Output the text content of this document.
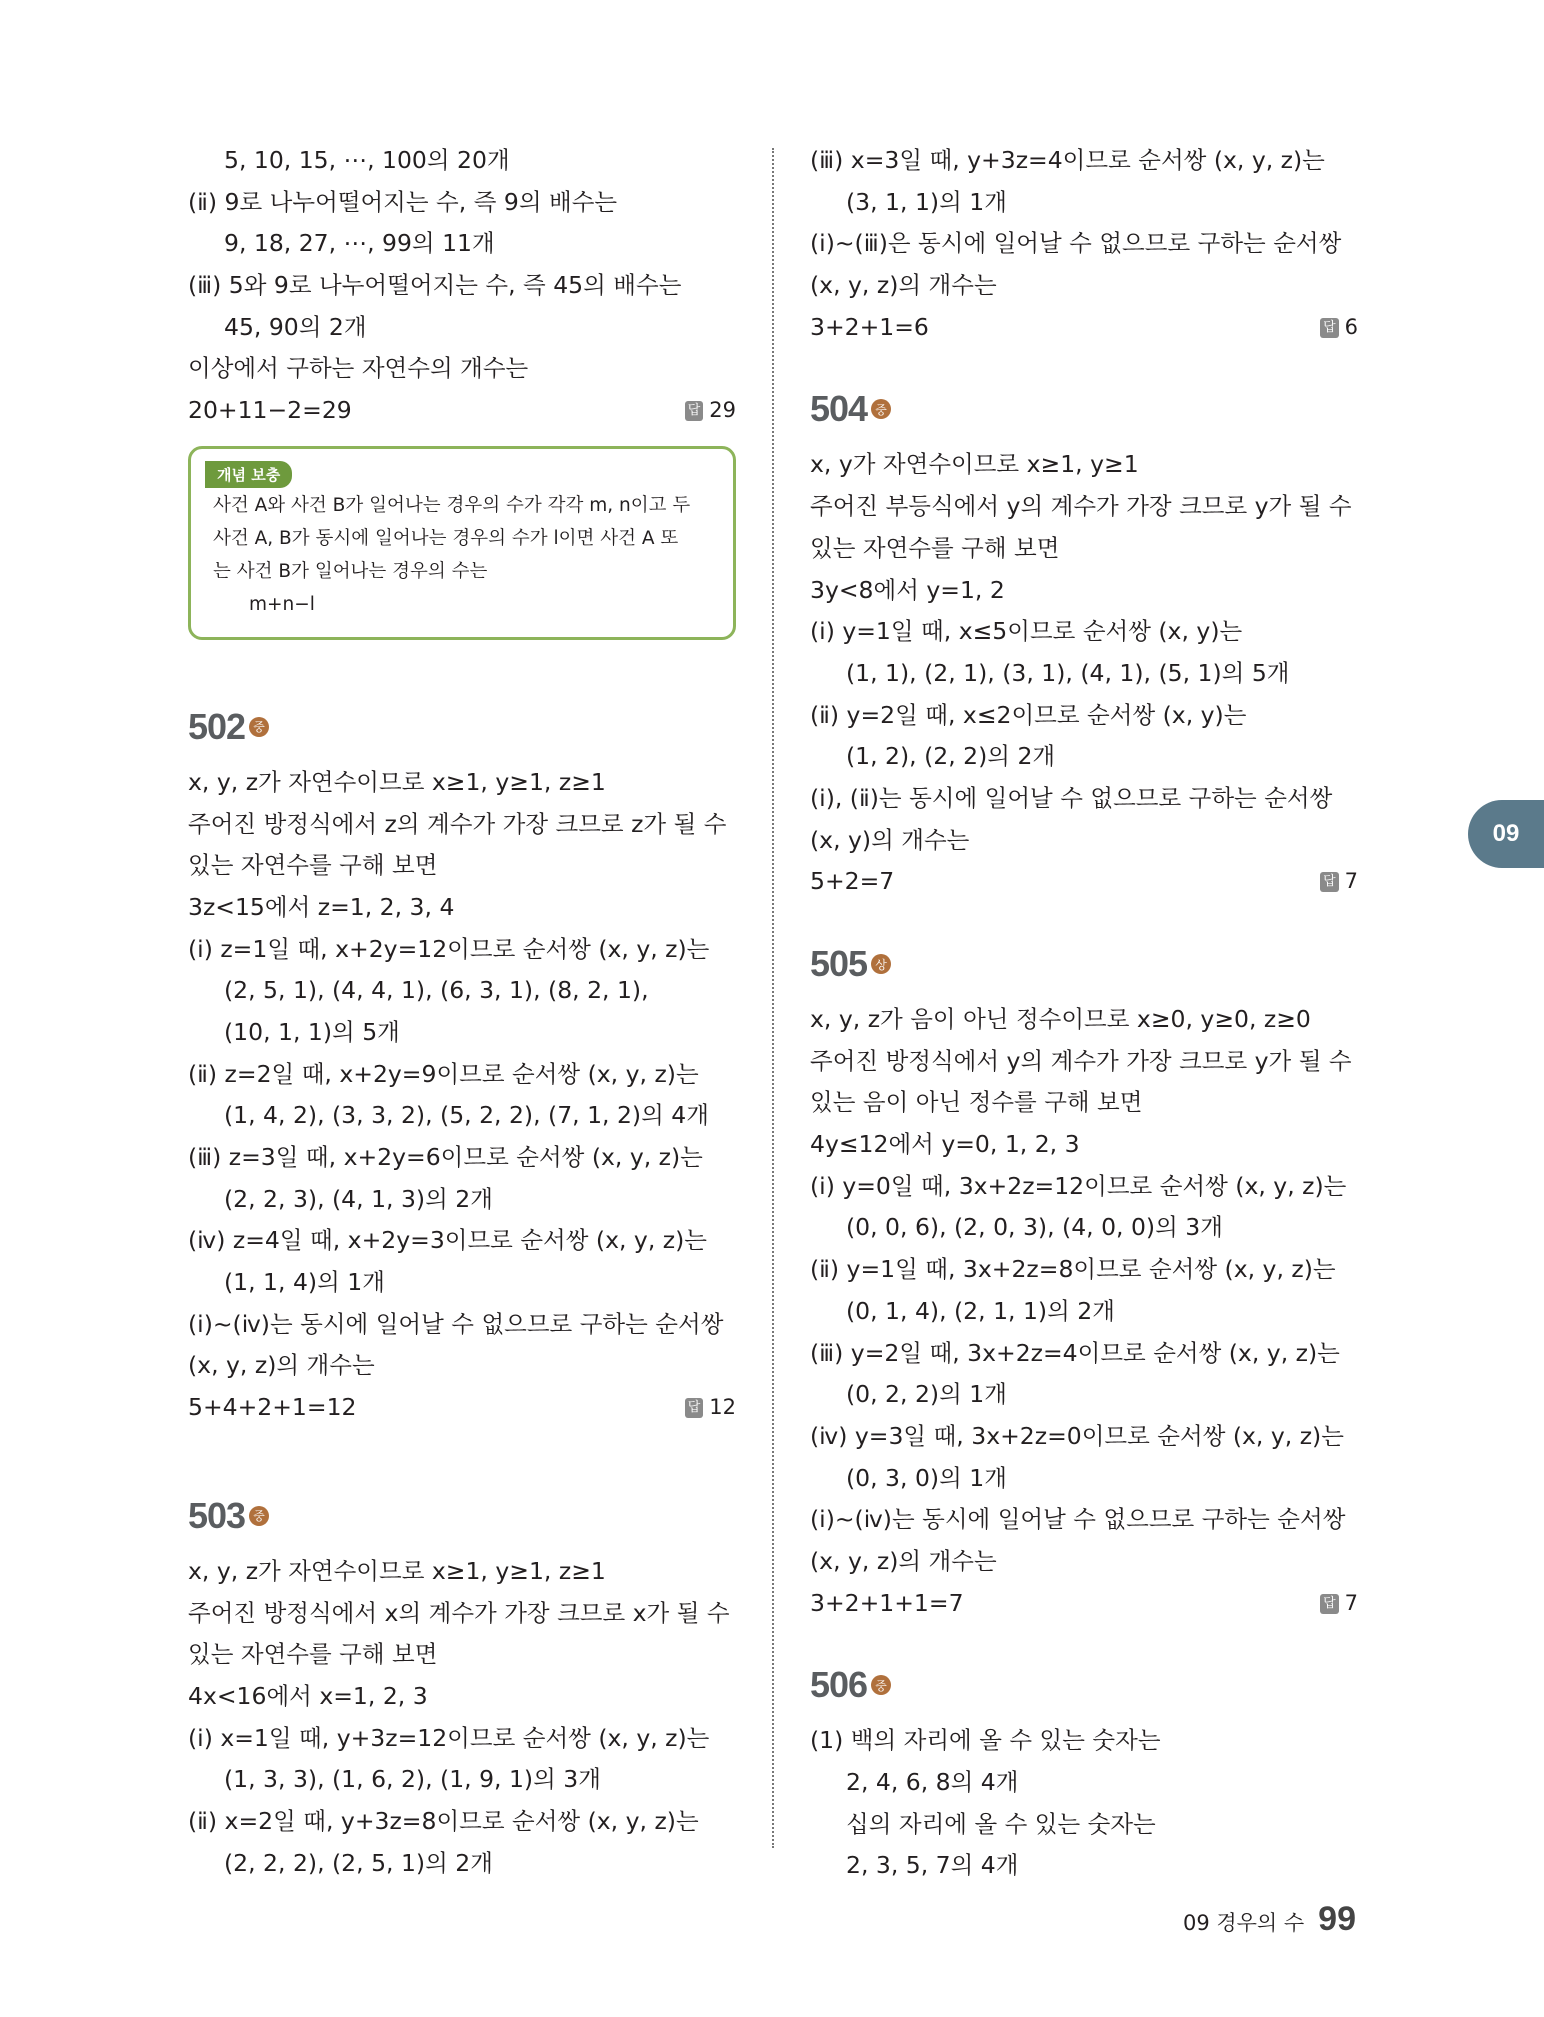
5, 10, 15, ⋯, 100의 20개
(ⅱ) 9로 나누어떨어지는 수, 즉 9의 배수는
9, 18, 27, ⋯, 99의 11개
(ⅲ) 5와 9로 나누어떨어지는 수, 즉 45의 배수는
45, 90의 2개
이상에서 구하는 자연수의 개수는
20+11−2=29	답 29
개념 보충
사건 A와 사건 B가 일어나는 경우의 수가 각각 m, n이고 두
사건 A, B가 동시에 일어나는 경우의 수가 l이면 사건 A 또
는 사건 B가 일어나는 경우의 수는
m+n−l
502 중
x, y, z가 자연수이므로 x≥1, y≥1, z≥1
주어진 방정식에서 z의 계수가 가장 크므로 z가 될 수
있는 자연수를 구해 보면
3z<15에서 z=1, 2, 3, 4
(ⅰ) z=1일 때, x+2y=12이므로 순서쌍 (x, y, z)는
(2, 5, 1), (4, 4, 1), (6, 3, 1), (8, 2, 1),
(10, 1, 1)의 5개
(ⅱ) z=2일 때, x+2y=9이므로 순서쌍 (x, y, z)는
(1, 4, 2), (3, 3, 2), (5, 2, 2), (7, 1, 2)의 4개
(ⅲ) z=3일 때, x+2y=6이므로 순서쌍 (x, y, z)는
(2, 2, 3), (4, 1, 3)의 2개
(ⅳ) z=4일 때, x+2y=3이므로 순서쌍 (x, y, z)는
(1, 1, 4)의 1개
(ⅰ)~(ⅳ)는 동시에 일어날 수 없으므로 구하는 순서쌍
(x, y, z)의 개수는
5+4+2+1=12	답 12
503 중
x, y, z가 자연수이므로 x≥1, y≥1, z≥1
주어진 방정식에서 x의 계수가 가장 크므로 x가 될 수
있는 자연수를 구해 보면
4x<16에서 x=1, 2, 3
(ⅰ) x=1일 때, y+3z=12이므로 순서쌍 (x, y, z)는
(1, 3, 3), (1, 6, 2), (1, 9, 1)의 3개
(ⅱ) x=2일 때, y+3z=8이므로 순서쌍 (x, y, z)는
(2, 2, 2), (2, 5, 1)의 2개
(ⅲ) x=3일 때, y+3z=4이므로 순서쌍 (x, y, z)는
(3, 1, 1)의 1개
(ⅰ)~(ⅲ)은 동시에 일어날 수 없으므로 구하는 순서쌍
(x, y, z)의 개수는
3+2+1=6	답 6
504 중
x, y가 자연수이므로 x≥1, y≥1
주어진 부등식에서 y의 계수가 가장 크므로 y가 될 수
있는 자연수를 구해 보면
3y<8에서 y=1, 2
(ⅰ) y=1일 때, x≤5이므로 순서쌍 (x, y)는
(1, 1), (2, 1), (3, 1), (4, 1), (5, 1)의 5개
(ⅱ) y=2일 때, x≤2이므로 순서쌍 (x, y)는
(1, 2), (2, 2)의 2개
(ⅰ), (ⅱ)는 동시에 일어날 수 없으므로 구하는 순서쌍
(x, y)의 개수는
5+2=7	답 7
505 상
x, y, z가 음이 아닌 정수이므로 x≥0, y≥0, z≥0
주어진 방정식에서 y의 계수가 가장 크므로 y가 될 수
있는 음이 아닌 정수를 구해 보면
4y≤12에서 y=0, 1, 2, 3
(ⅰ) y=0일 때, 3x+2z=12이므로 순서쌍 (x, y, z)는
(0, 0, 6), (2, 0, 3), (4, 0, 0)의 3개
(ⅱ) y=1일 때, 3x+2z=8이므로 순서쌍 (x, y, z)는
(0, 1, 4), (2, 1, 1)의 2개
(ⅲ) y=2일 때, 3x+2z=4이므로 순서쌍 (x, y, z)는
(0, 2, 2)의 1개
(ⅳ) y=3일 때, 3x+2z=0이므로 순서쌍 (x, y, z)는
(0, 3, 0)의 1개
(ⅰ)~(ⅳ)는 동시에 일어날 수 없으므로 구하는 순서쌍
(x, y, z)의 개수는
3+2+1+1=7	답 7
506 중
(1) 백의 자리에 올 수 있는 숫자는
2, 4, 6, 8의 4개
십의 자리에 올 수 있는 숫자는
2, 3, 5, 7의 4개
09
09 경우의 수 99
